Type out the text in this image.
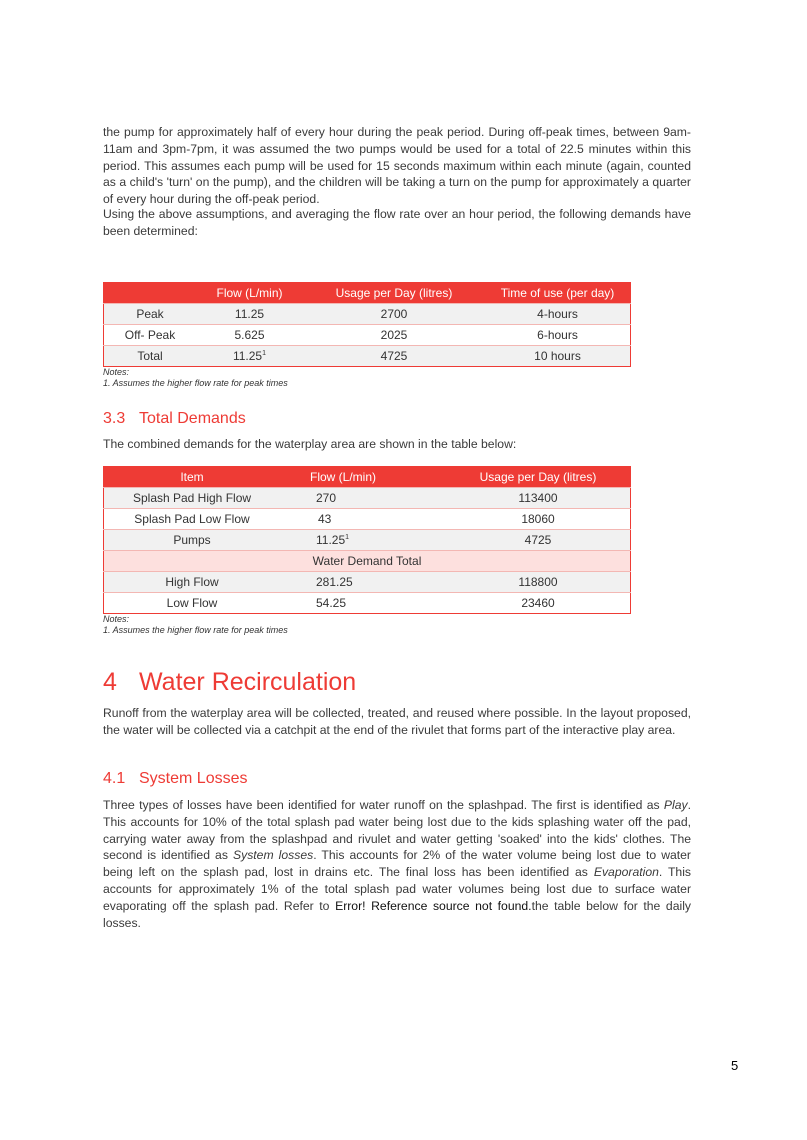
the pump for approximately half of every hour during the peak period. During off-peak times, between 9am-11am and 3pm-7pm, it was assumed the two pumps would be used for a total of 22.5 minutes within this period. This assumes each pump will be used for 15 seconds maximum within each minute (again, counted as a child's 'turn' on the pump), and the children will be taking a turn on the pump for approximately a quarter of every hour during the off-peak period.

Using the above assumptions, and averaging the flow rate over an hour period, the following demands have been determined:

	Flow (L/min)	Usage per Day (litres)	Time of use (per day)
Peak	11.25	2700	4-hours
Off- Peak	5.625	2025	6-hours
Total	11.25$^1$	4725	10 hours
Notes:
1. Assumes the higher flow rate for peak times
3.3 Total Demands

The combined demands for the waterplay area are shown in the table below:

Item	Flow (L/min)	Usage per Day (litres)
Splash Pad High Flow	270	113400
Splash Pad Low Flow	43	18060
Pumps	11.25$^1$	4725
Water Demand Total		
High Flow	281.25	118800
Low Flow	54.25	23460
Notes:
1. Assumes the higher flow rate for peak times
4 Water Recirculation

Runoff from the waterplay area will be collected, treated, and reused where possible. In the layout proposed, the water will be collected via a catchpit at the end of the rivulet that forms part of the interactive play area.

4.1 System Losses

Three types of losses have been identified for water runoff on the splashpad. The first is identified as Play. This accounts for 10% of the total splash pad water being lost due to the kids splashing water off the pad, carrying water away from the splashpad and rivulet and water getting 'soaked' into the kids' clothes. The second is identified as System losses. This accounts for 2% of the water volume being lost due to water being left on the splash pad, lost in drains etc. The final loss has been identified as Evaporation. This accounts for approximately 1% of the total splash pad water volumes being lost due to surface water evaporating off the splash pad. Refer to Error! Reference source not found.the table below for the daily losses.

5
